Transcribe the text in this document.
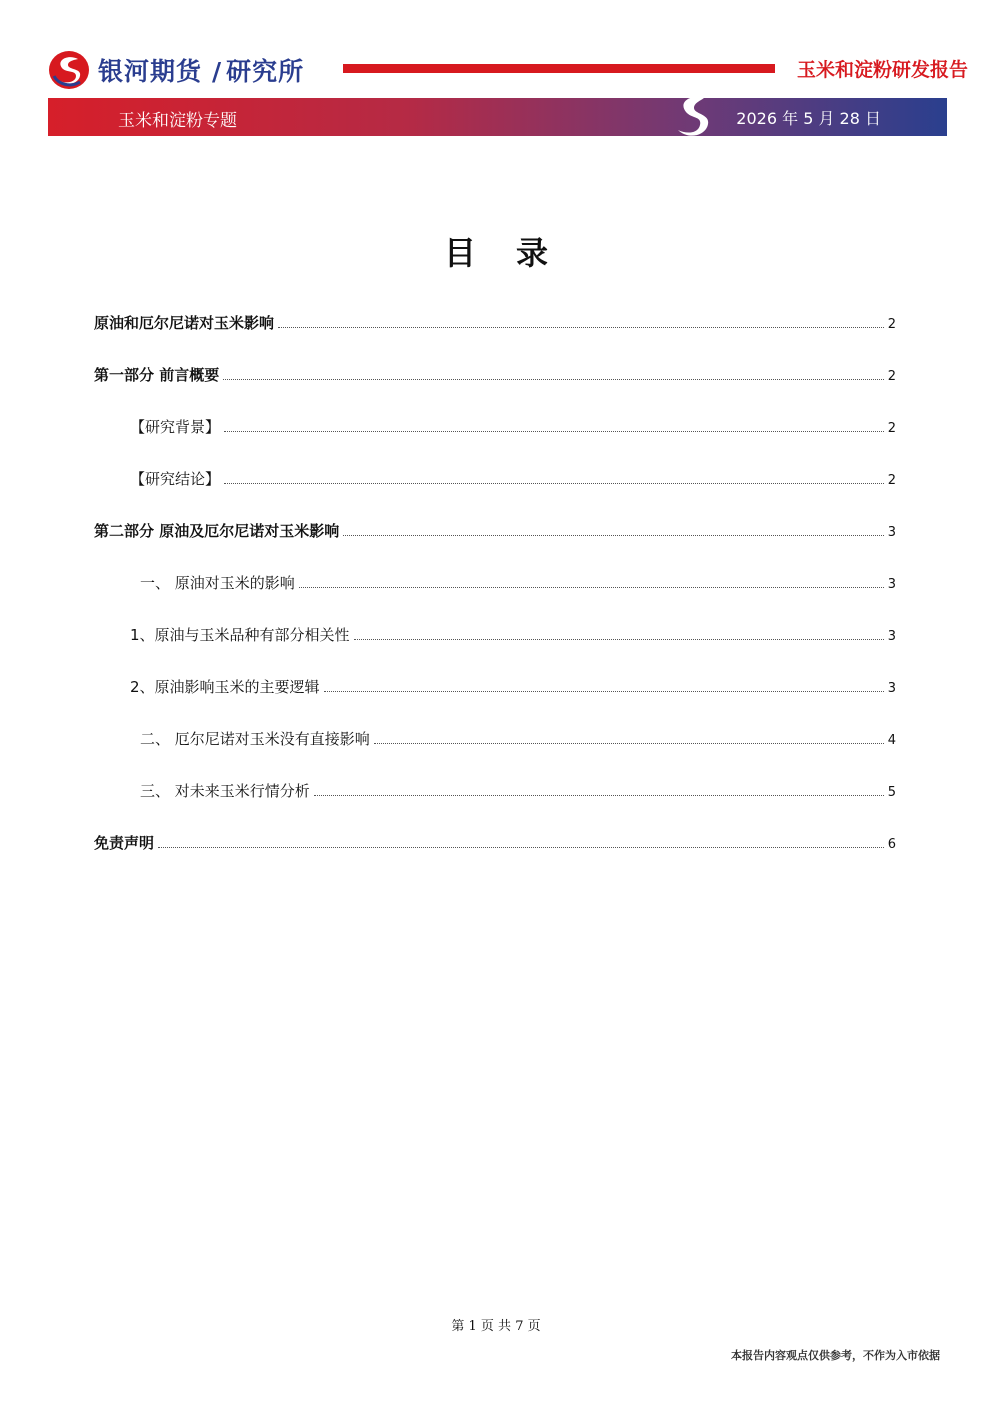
银河期货 / 研究所	玉米和淀粉研发报告
玉米和淀粉专题	2026 年 5 月 28 日
目录
原油和厄尔尼诺对玉米影响	2
第一部分 前言概要	2
【研究背景】	2
【研究结论】	2
第二部分 原油及厄尔尼诺对玉米影响	3
一、 原油对玉米的影响	3
1、原油与玉米品种有部分相关性	3
2、原油影响玉米的主要逻辑	3
二、 厄尔尼诺对玉米没有直接影响	4
三、 对未来玉米行情分析	5
免责声明	6
第 1 页 共 7 页
本报告内容观点仅供参考，不作为入市依据
